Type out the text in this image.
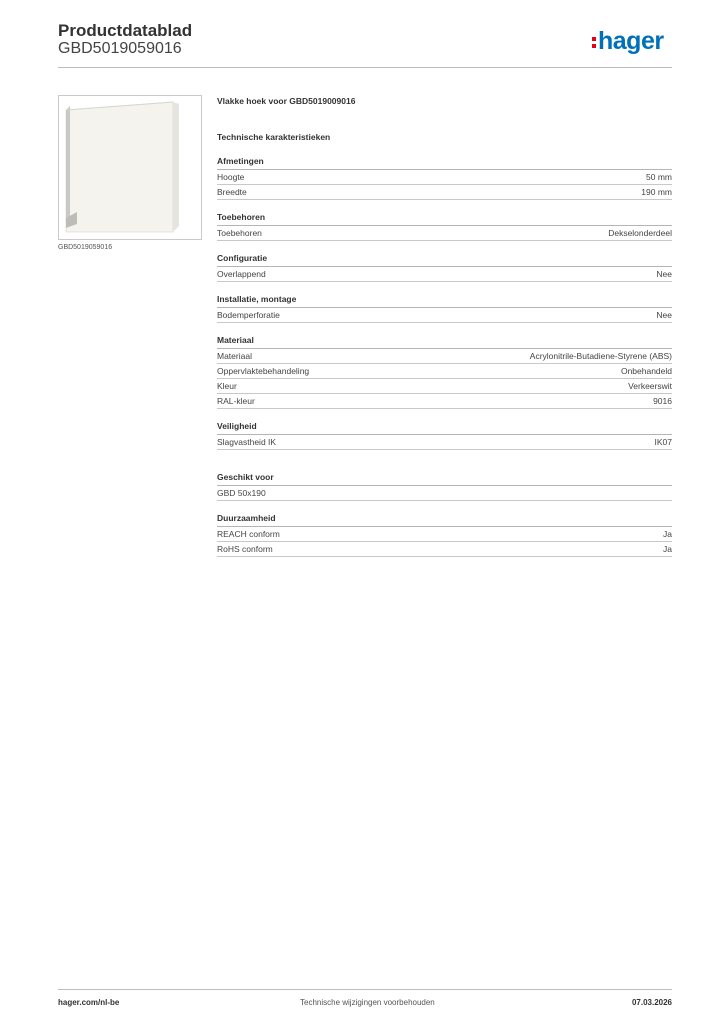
Productdatablad
GBD5019059016	hager
GBD5019059016
Vlakke hoek voor GBD5019009016
Technische karakteristieken
Afmetingen
Hoogte	50 mm
Breedte	190 mm
Toebehoren
Toebehoren	Dekselonderdeel
Configuratie
Overlappend	Nee
Installatie, montage
Bodemperforatie	Nee
Materiaal
Materiaal	Acrylonitrile-Butadiene-Styrene (ABS)
Oppervlaktebehandeling	Onbehandeld
Kleur	Verkeerswit
RAL-kleur	9016
Veiligheid
Slagvastheid IK	IK07
Geschikt voor
GBD 50x190
Duurzaamheid
REACH conform	Ja
RoHS conform	Ja
hager.com/nl-be	Technische wijzigingen voorbehouden	07.03.2026
